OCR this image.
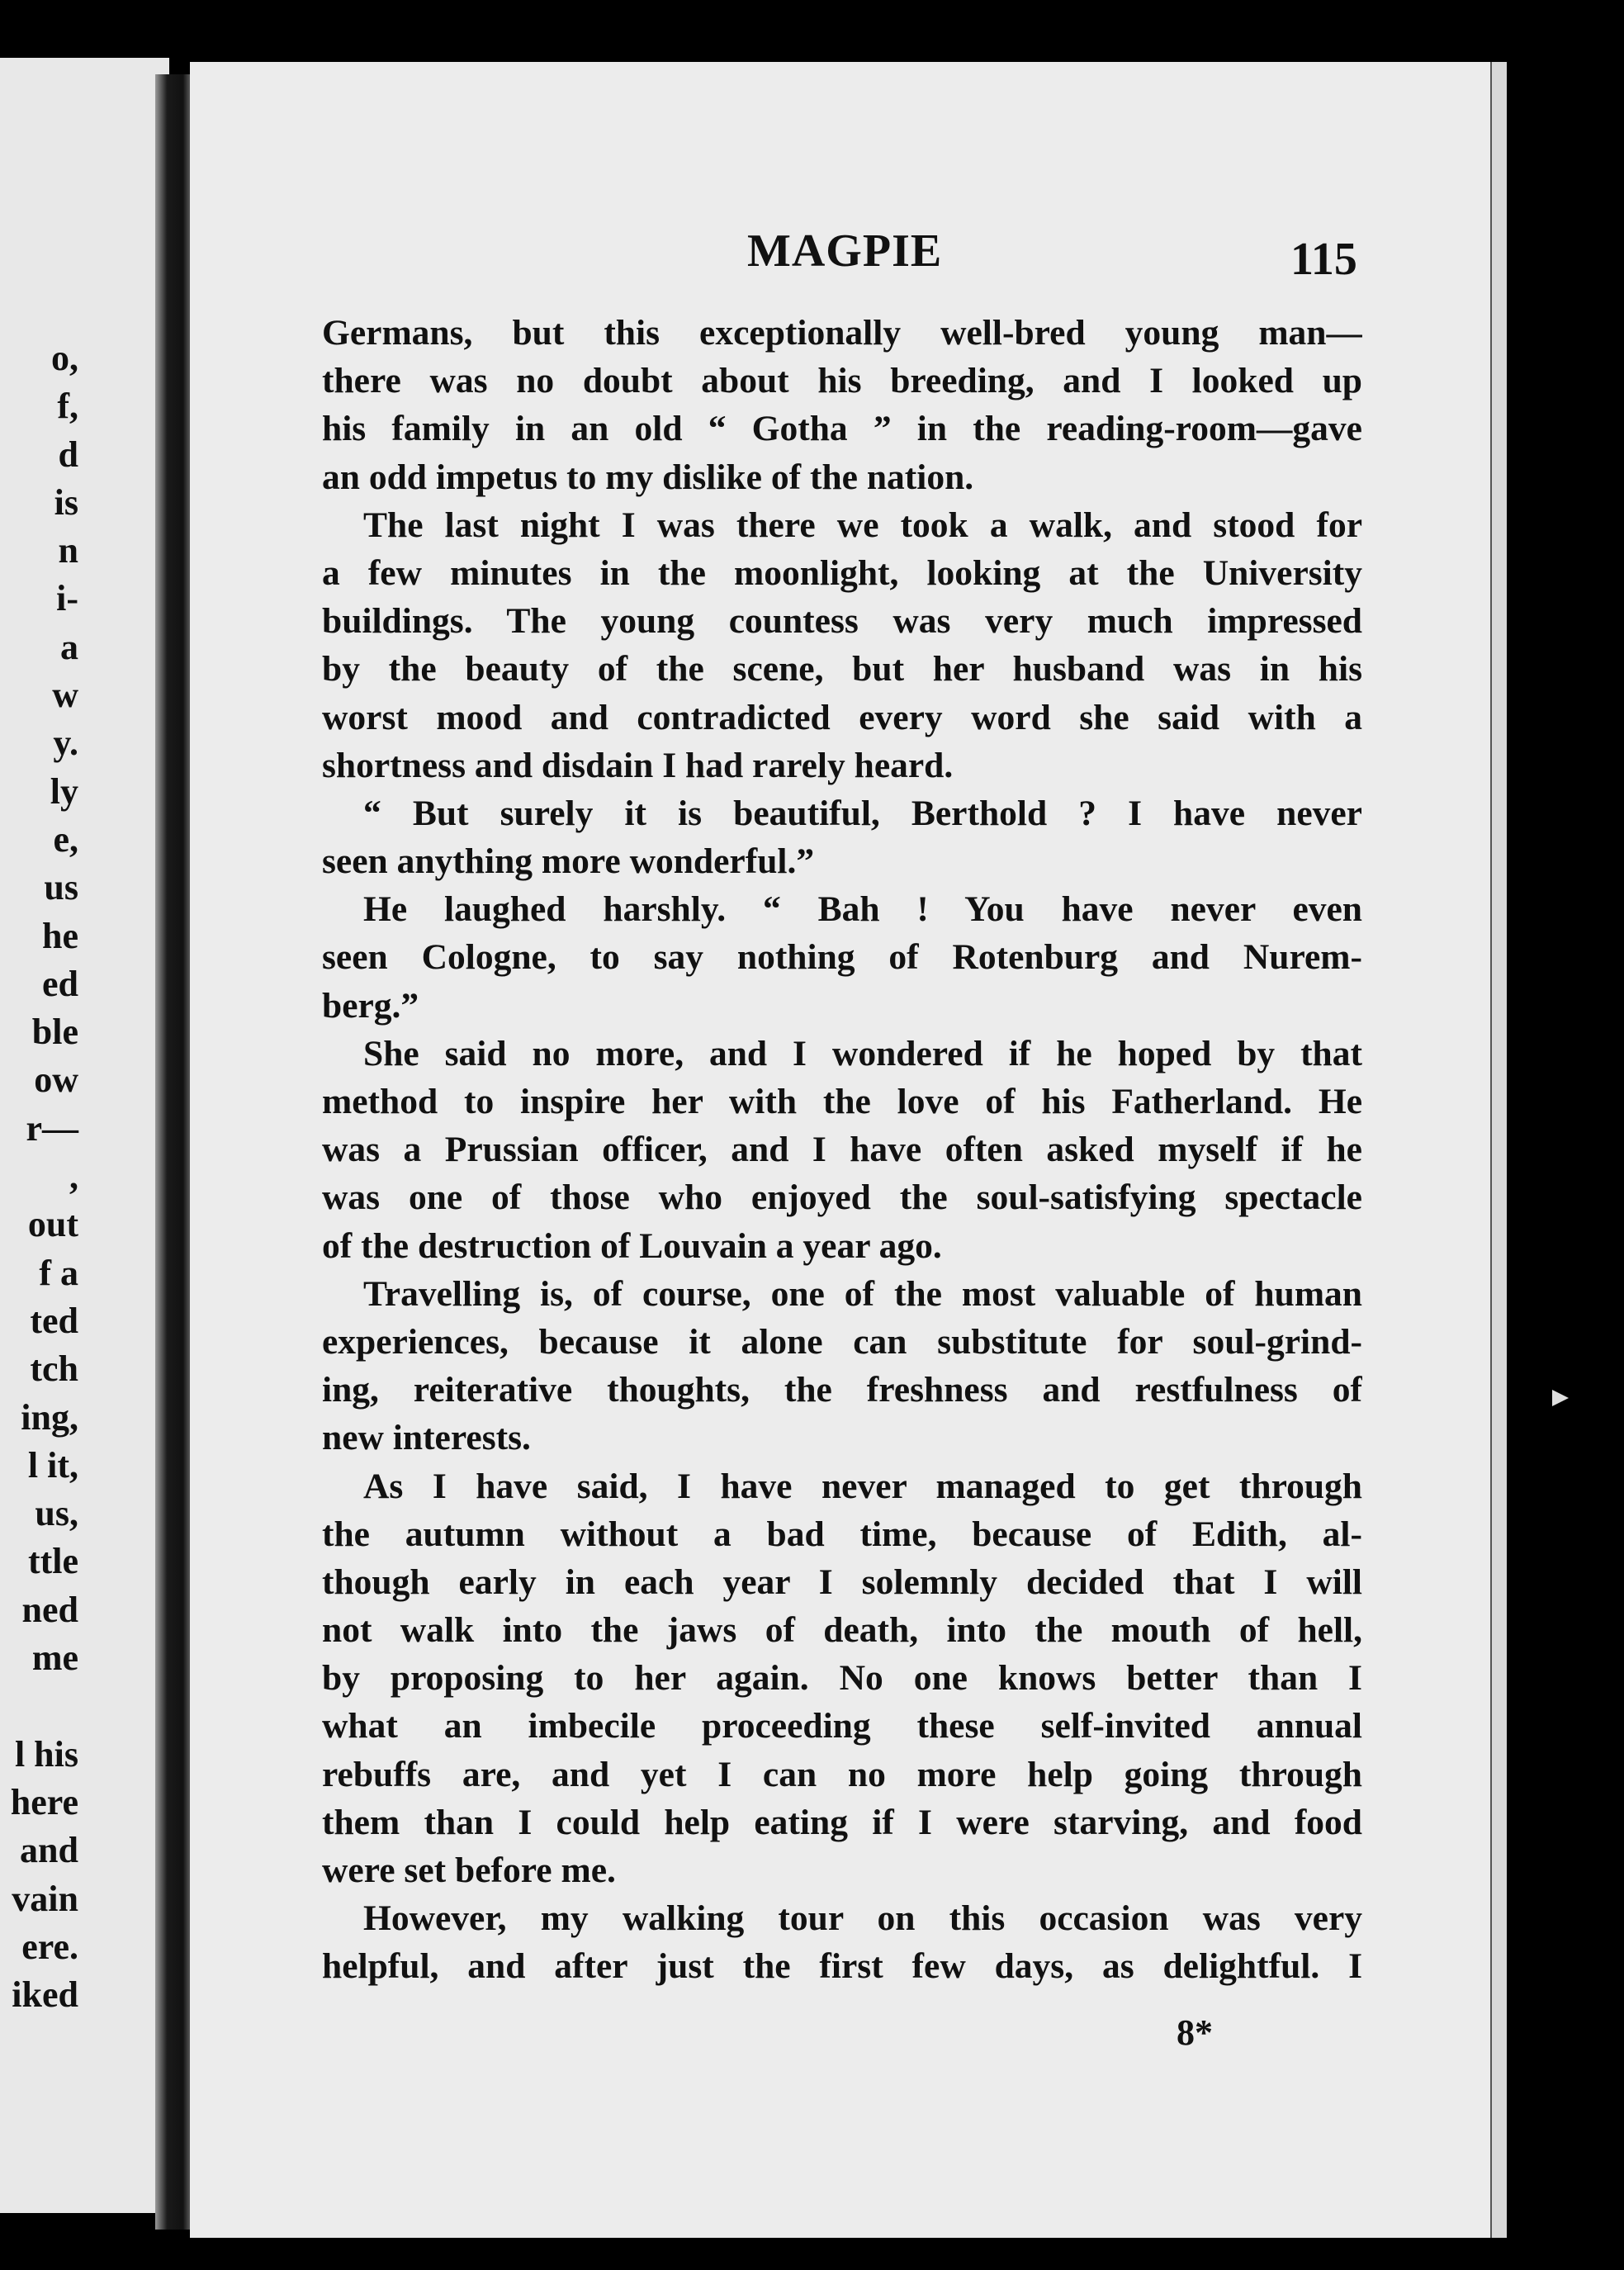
o,
f,
d
is
n
i-
a
w
y.
ly
e,
us
he
ed
ble
ow
r—
,
out
f a
ted
tch
ing,
l it,
us,
ttle
ned
me

l his
here
and
vain
ere.
iked
MAGPIE	115
Germans, but this exceptionally well-bred young man—
there was no doubt about his breeding, and I looked up
his family in an old “ Gotha ” in the reading-room—gave
an odd impetus to my dislike of the nation.
The last night I was there we took a walk, and stood for
a few minutes in the moonlight, looking at the University
buildings. The young countess was very much impressed
by the beauty of the scene, but her husband was in his
worst mood and contradicted every word she said with a
shortness and disdain I had rarely heard.
“ But surely it is beautiful, Berthold ? I have never
seen anything more wonderful.”
He laughed harshly. “ Bah ! You have never even
seen Cologne, to say nothing of Rotenburg and Nurem-
berg.”
She said no more, and I wondered if he hoped by that
method to inspire her with the love of his Fatherland. He
was a Prussian officer, and I have often asked myself if he
was one of those who enjoyed the soul-satisfying spectacle
of the destruction of Louvain a year ago.
Travelling is, of course, one of the most valuable of human
experiences, because it alone can substitute for soul-grind-
ing, reiterative thoughts, the freshness and restfulness of
new interests.
As I have said, I have never managed to get through
the autumn without a bad time, because of Edith, al-
though early in each year I solemnly decided that I will
not walk into the jaws of death, into the mouth of hell,
by proposing to her again. No one knows better than I
what an imbecile proceeding these self-invited annual
rebuffs are, and yet I can no more help going through
them than I could help eating if I were starving, and food
were set before me.
However, my walking tour on this occasion was very
helpful, and after just the first few days, as delightful. I
8*
